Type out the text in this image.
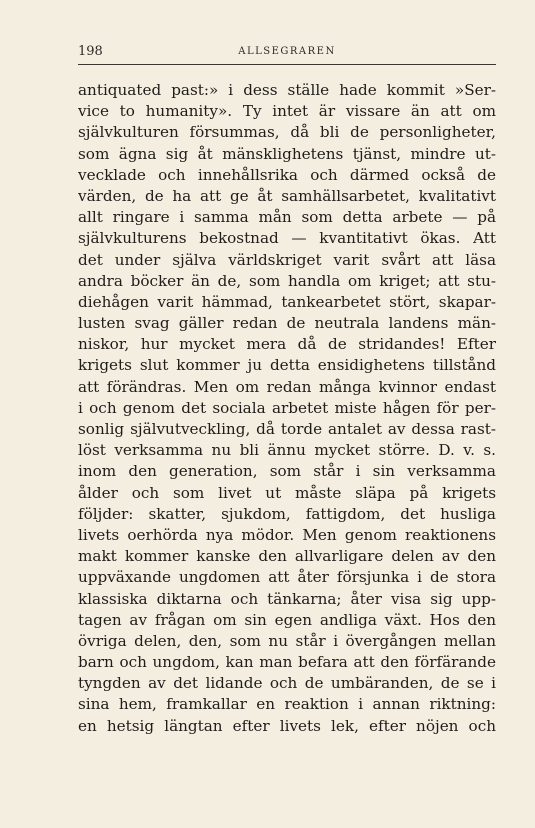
198	ALLSEGRAREN
antiquated past:» i dess ställe hade kommit »Ser-
vice to humanity». Ty intet är vissare än att om
självkulturen försummas, då bli de personligheter,
som ägna sig åt mänsklighetens tjänst, mindre ut-
vecklade och innehållsrika och därmed också de
värden, de ha att ge åt samhällsarbetet, kvalitativt
allt ringare i samma mån som detta arbete — på
självkulturens bekostnad — kvantitativt ökas. Att
det under själva världskriget varit svårt att läsa
andra böcker än de, som handla om kriget; att stu-
diehågen varit hämmad, tankearbetet stört, skapar-
lusten svag gäller redan de neutrala landens män-
niskor, hur mycket mera då de stridandes! Efter
krigets slut kommer ju detta ensidighetens tillstånd
att förändras. Men om redan många kvinnor endast
i och genom det sociala arbetet miste hågen för per-
sonlig självutveckling, då torde antalet av dessa rast-
löst verksamma nu bli ännu mycket större. D. v. s.
inom den generation, som står i sin verksamma
ålder och som livet ut måste släpa på krigets
följder: skatter, sjukdom, fattigdom, det husliga
livets oerhörda nya mödor. Men genom reaktionens
makt kommer kanske den allvarligare delen av den
uppväxande ungdomen att åter försjunka i de stora
klassiska diktarna och tänkarna; åter visa sig upp-
tagen av frågan om sin egen andliga växt. Hos den
övriga delen, den, som nu står i övergången mellan
barn och ungdom, kan man befara att den förfärande
tyngden av det lidande och de umbäranden, de se i
sina hem, framkallar en reaktion i annan riktning:
en hetsig längtan efter livets lek, efter nöjen och
